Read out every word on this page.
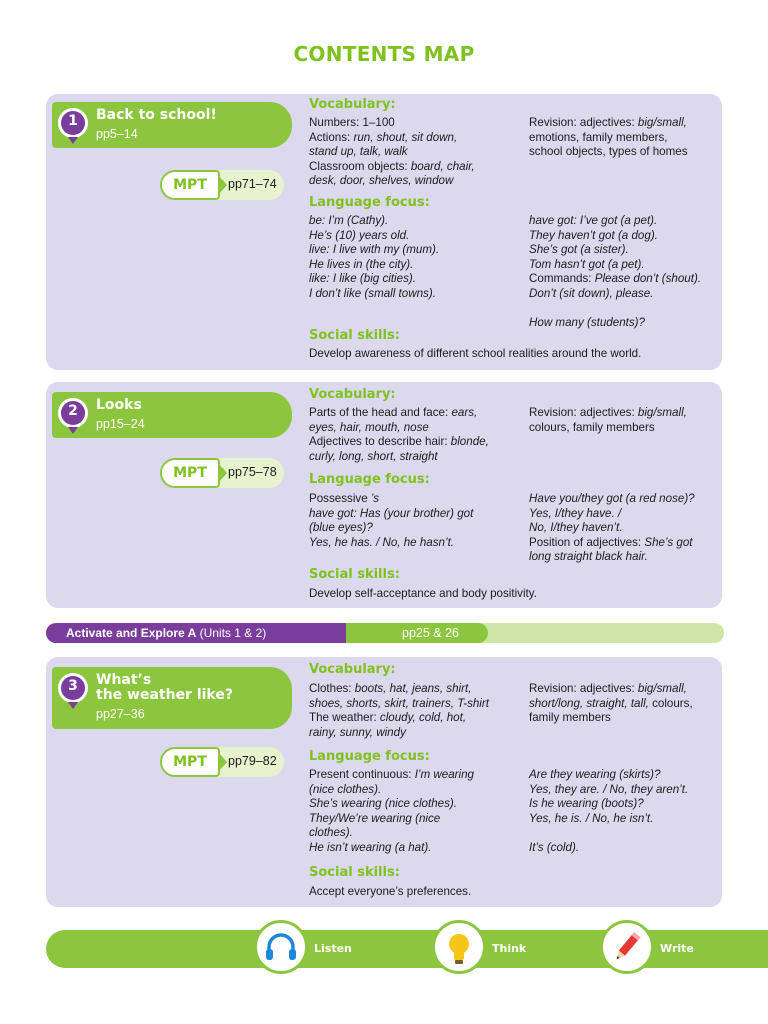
CONTENTS MAP
Back to school!
pp5–14
1
MPT	pp71–74
Vocabulary:
Numbers: 1–100
Actions: run, shout, sit down,
stand up, talk, walk
Classroom objects: board, chair,
desk, door, shelves, window
Revision: adjectives: big/small,
emotions, family members,
school objects, types of homes
Language focus:
be: I’m (Cathy).
He’s (10) years old.
live: I live with my (mum).
He lives in (the city).
like: I like (big cities).
I don’t like (small towns).
have got: I’ve got (a pet).
They haven’t got (a dog).
She’s got (a sister).
Tom hasn’t got (a pet).
Commands: Please don’t (shout).
Don’t (sit down), please.

How many (students)?
Social skills:
Develop awareness of different school realities around the world.
Looks
pp15–24
2
MPT	pp75–78
Vocabulary:
Parts of the head and face: ears,
eyes, hair, mouth, nose
Adjectives to describe hair: blonde,
curly, long, short, straight
Revision: adjectives: big/small,
colours, family members
Language focus:
Possessive ’s
have got: Has (your brother) got
(blue eyes)?
Yes, he has. / No, he hasn’t.
Have you/they got (a red nose)?
Yes, I/they have. /
No, I/they haven’t.
Position of adjectives: She’s got
long straight black hair.
Social skills:
Develop self-acceptance and body positivity.
Activate and Explore A (Units 1 & 2)	pp25 & 26
What’s
the weather like?
pp27–36
3
MPT	pp79–82
Vocabulary:
Clothes: boots, hat, jeans, shirt,
shoes, shorts, skirt, trainers, T-shirt
The weather: cloudy, cold, hot,
rainy, sunny, windy
Revision: adjectives: big/small,
short/long, straight, tall, colours,
family members
Language focus:
Present continuous: I’m wearing
(nice clothes).
She’s wearing (nice clothes).
They/We’re wearing (nice
clothes).
He isn’t wearing (a hat).
Are they wearing (skirts)?
Yes, they are. / No, they aren’t.
Is he wearing (boots)?
Yes, he is. / No, he isn’t.

It’s (cold).
Social skills:
Accept everyone’s preferences.
Listen	Think	Write
